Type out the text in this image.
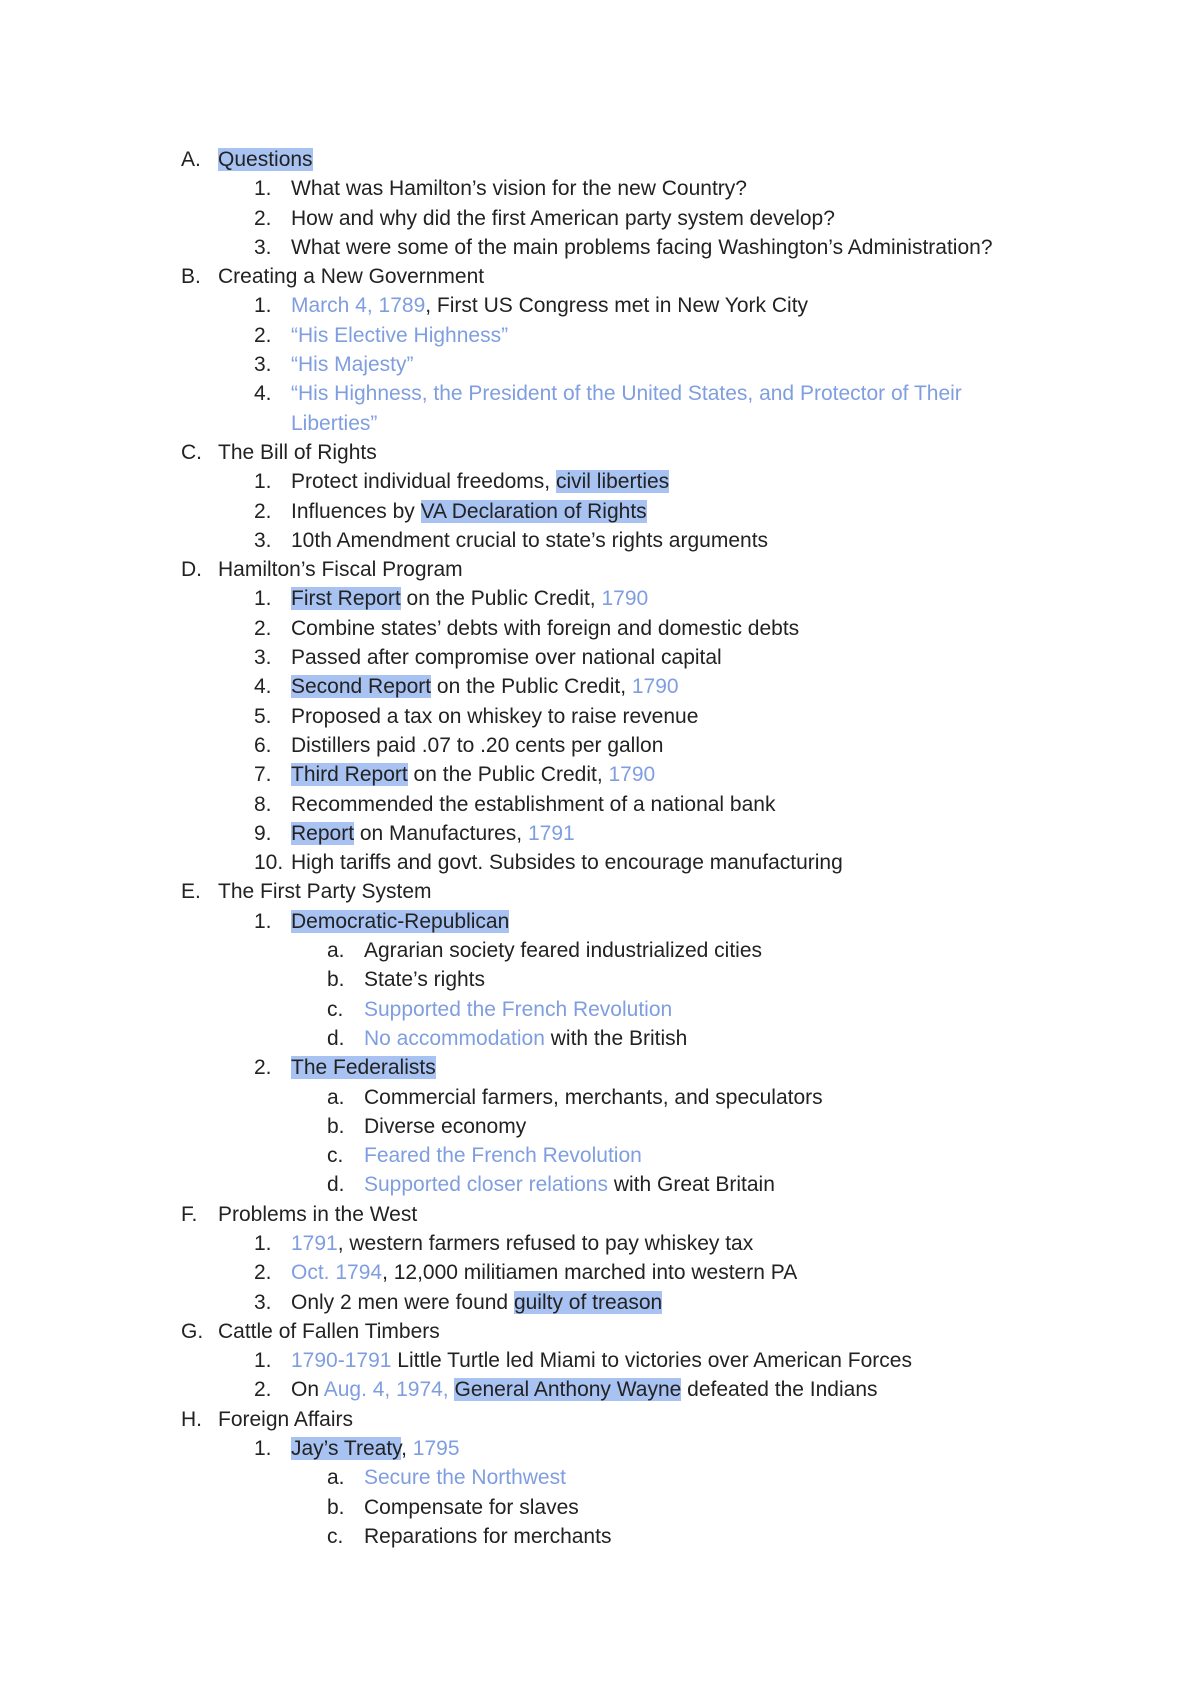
A. Questions
1. What was Hamilton’s vision for the new Country?
2. How and why did the first American party system develop?
3. What were some of the main problems facing Washington’s Administration?
B. Creating a New Government
1. March 4, 1789, First US Congress met in New York City
2. “His Elective Highness”
3. “His Majesty”
4. “His Highness, the President of the United States, and Protector of Their Liberties”
C. The Bill of Rights
1. Protect individual freedoms, civil liberties
2. Influences by VA Declaration of Rights
3. 10th Amendment crucial to state’s rights arguments
D. Hamilton’s Fiscal Program
1. First Report on the Public Credit, 1790
2. Combine states’ debts with foreign and domestic debts
3. Passed after compromise over national capital
4. Second Report on the Public Credit, 1790
5. Proposed a tax on whiskey to raise revenue
6. Distillers paid .07 to .20 cents per gallon
7. Third Report on the Public Credit, 1790
8. Recommended the establishment of a national bank
9. Report on Manufactures, 1791
10. High tariffs and govt. Subsides to encourage manufacturing
E. The First Party System
1. Democratic-Republican
a. Agrarian society feared industrialized cities
b. State’s rights
c. Supported the French Revolution
d. No accommodation with the British
2. The Federalists
a. Commercial farmers, merchants, and speculators
b. Diverse economy
c. Feared the French Revolution
d. Supported closer relations with Great Britain
F. Problems in the West
1. 1791, western farmers refused to pay whiskey tax
2. Oct. 1794, 12,000 militiamen marched into western PA
3. Only 2 men were found guilty of treason
G. Cattle of Fallen Timbers
1. 1790-1791 Little Turtle led Miami to victories over American Forces
2. On Aug. 4, 1974, General Anthony Wayne defeated the Indians
H. Foreign Affairs
1. Jay’s Treaty, 1795
a. Secure the Northwest
b. Compensate for slaves
c. Reparations for merchants
